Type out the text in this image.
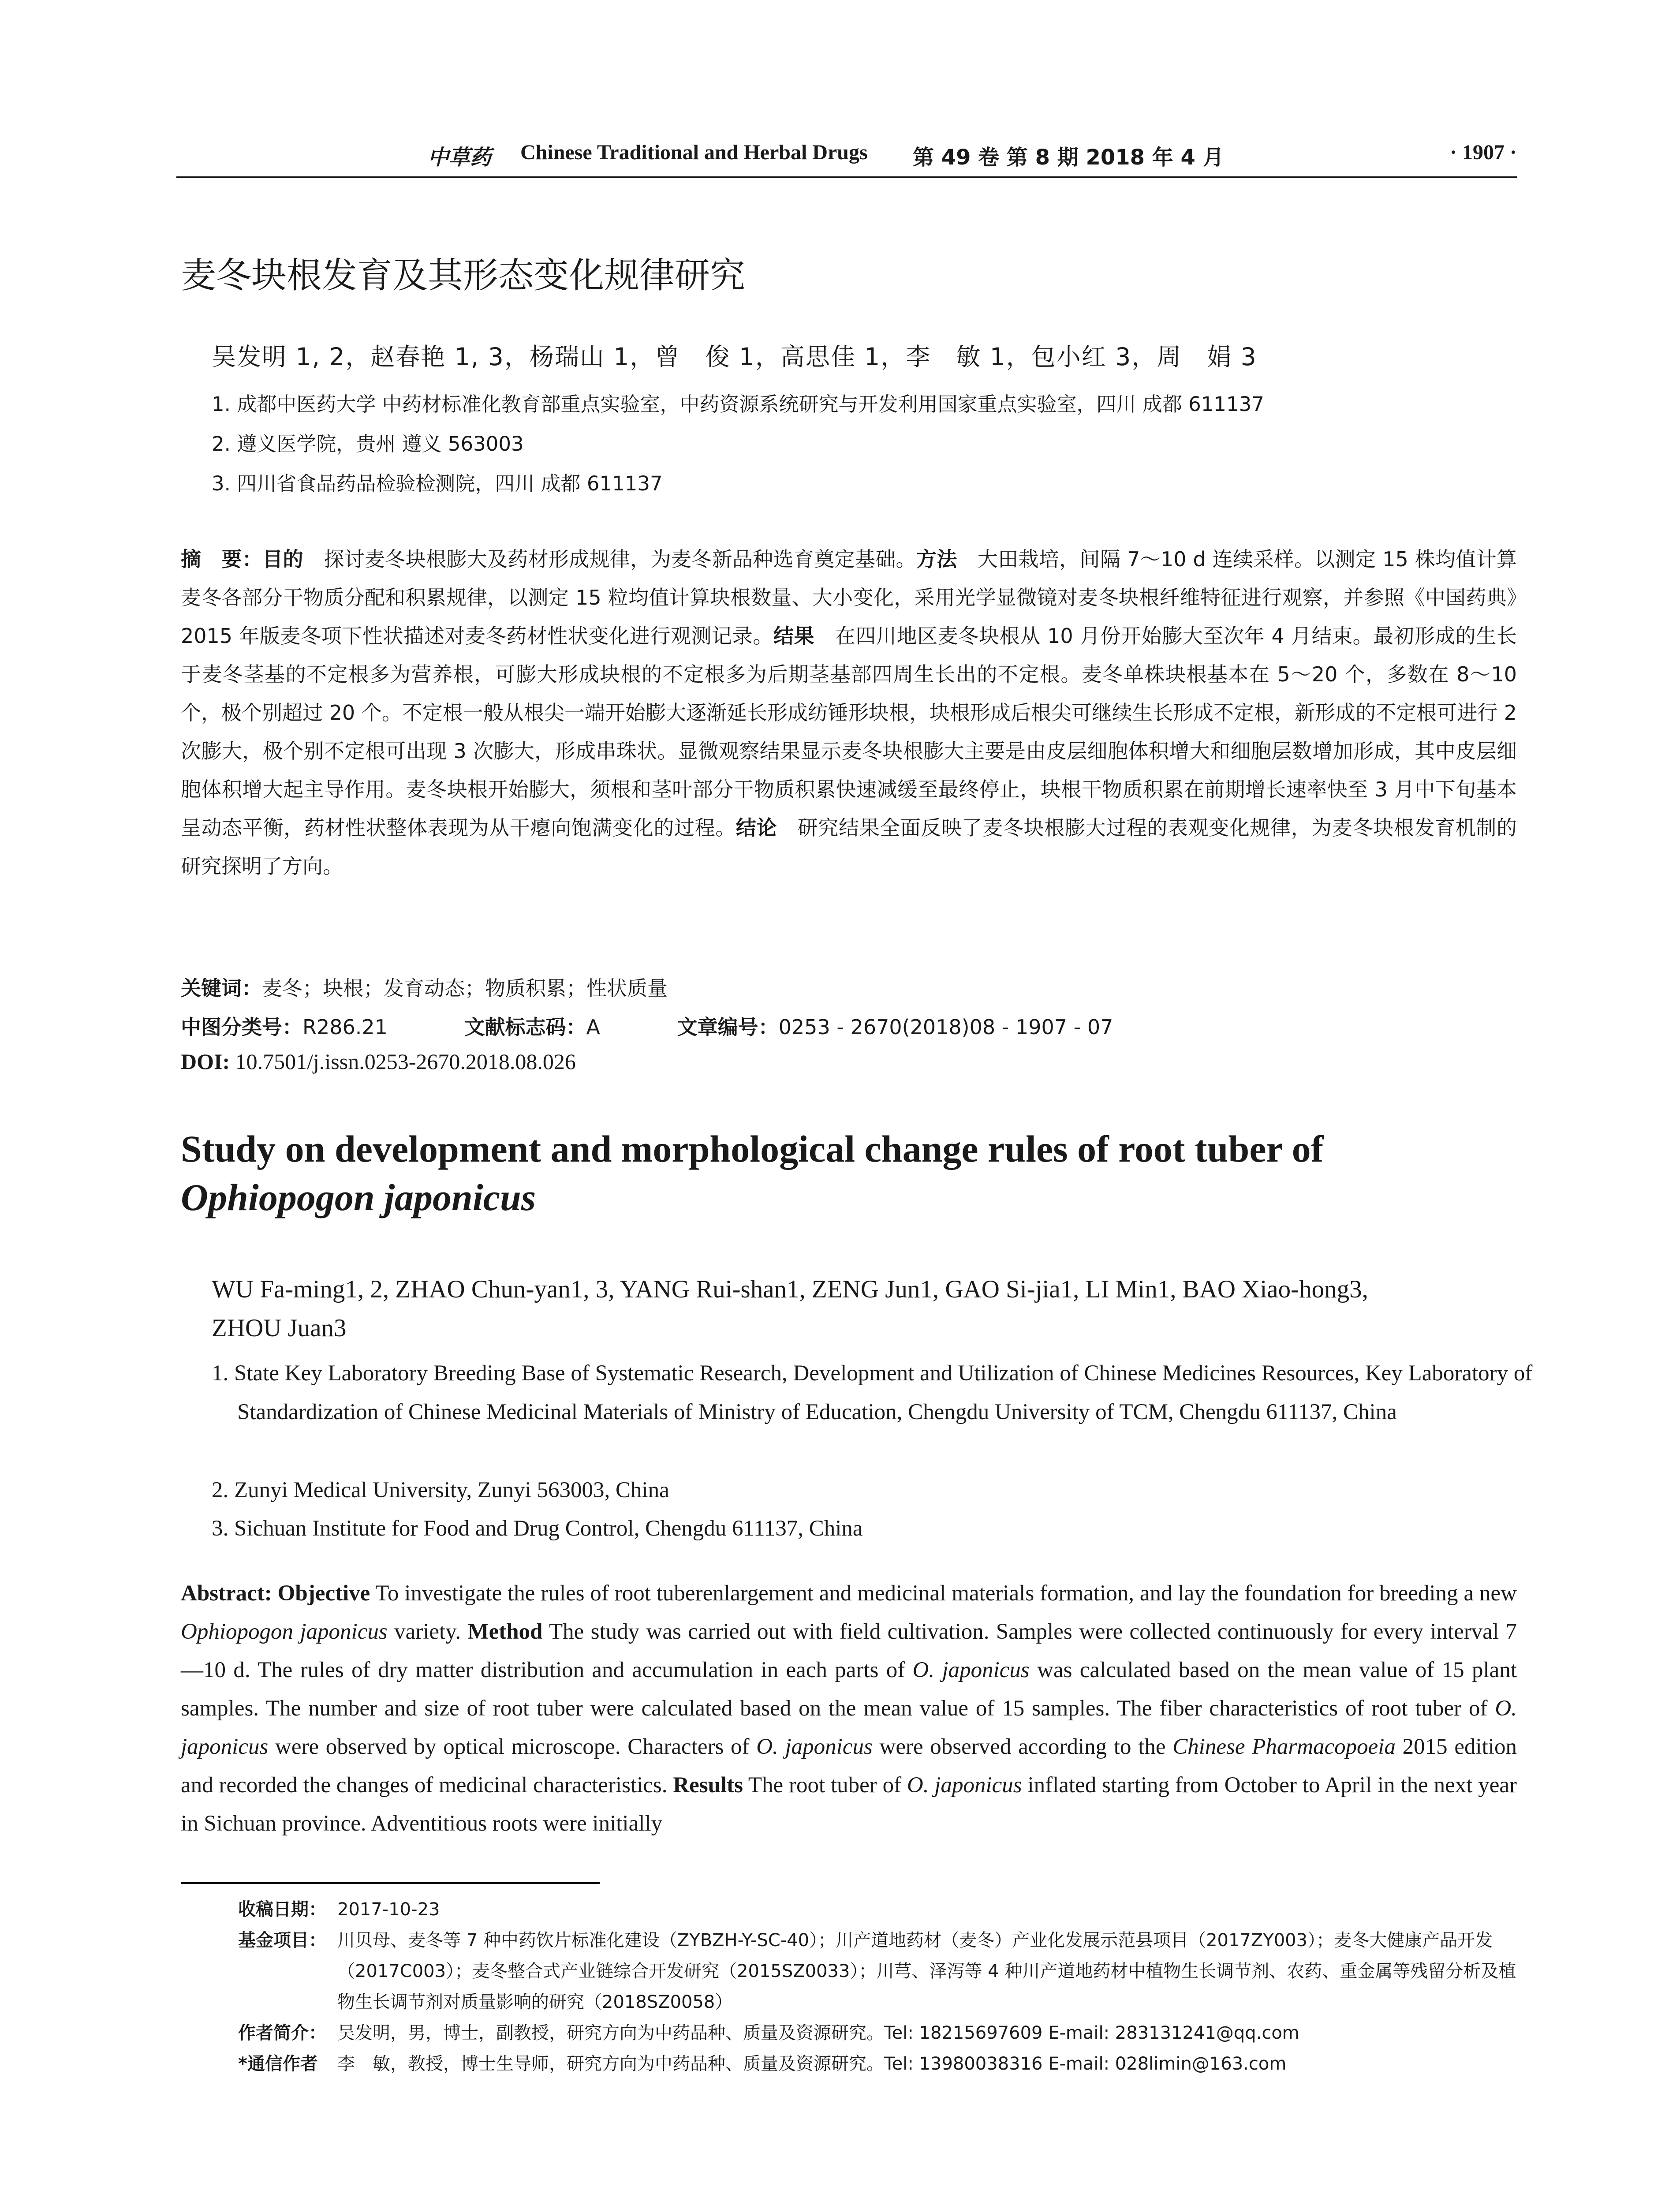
中草药 Chinese Traditional and Herbal Drugs 第 49 卷 第 8 期 2018 年 4 月	· 1907 ·
麦冬块根发育及其形态变化规律研究
吴发明 1, 2，赵春艳 1, 3，杨瑞山 1，曾　俊 1，高思佳 1，李　敏 1，包小红 3，周　娟 3
1. 成都中医药大学 中药材标准化教育部重点实验室，中药资源系统研究与开发利用国家重点实验室，四川 成都 611137
2. 遵义医学院，贵州 遵义 563003
3. 四川省食品药品检验检测院，四川 成都 611137
摘　要：目的　探讨麦冬块根膨大及药材形成规律，为麦冬新品种选育奠定基础。方法　大田栽培，间隔 7～10 d 连续采样。以测定 15 株均值计算麦冬各部分干物质分配和积累规律，以测定 15 粒均值计算块根数量、大小变化，采用光学显微镜对麦冬块根纤维特征进行观察，并参照《中国药典》2015 年版麦冬项下性状描述对麦冬药材性状变化进行观测记录。结果　在四川地区麦冬块根从 10 月份开始膨大至次年 4 月结束。最初形成的生长于麦冬茎基的不定根多为营养根，可膨大形成块根的不定根多为后期茎基部四周生长出的不定根。麦冬单株块根基本在 5～20 个，多数在 8～10 个，极个别超过 20 个。不定根一般从根尖一端开始膨大逐渐延长形成纺锤形块根，块根形成后根尖可继续生长形成不定根，新形成的不定根可进行 2 次膨大，极个别不定根可出现 3 次膨大，形成串珠状。显微观察结果显示麦冬块根膨大主要是由皮层细胞体积增大和细胞层数增加形成，其中皮层细胞体积增大起主导作用。麦冬块根开始膨大，须根和茎叶部分干物质积累快速减缓至最终停止，块根干物质积累在前期增长速率快至 3 月中下旬基本呈动态平衡，药材性状整体表现为从干瘪向饱满变化的过程。结论　研究结果全面反映了麦冬块根膨大过程的表观变化规律，为麦冬块根发育机制的研究探明了方向。
关键词：麦冬；块根；发育动态；物质积累；性状质量
中图分类号：R286.21	文献标志码：A	文章编号：0253 - 2670(2018)08 - 1907 - 07
DOI: 10.7501/j.issn.0253-2670.2018.08.026
Study on development and morphological change rules of root tuber of Ophiopogon japonicus
WU Fa-ming1, 2, ZHAO Chun-yan1, 3, YANG Rui-shan1, ZENG Jun1, GAO Si-jia1, LI Min1, BAO Xiao-hong3,
ZHOU Juan3
1. State Key Laboratory Breeding Base of Systematic Research, Development and Utilization of Chinese Medicines Resources, Key Laboratory of Standardization of Chinese Medicinal Materials of Ministry of Education, Chengdu University of TCM, Chengdu 611137, China
2. Zunyi Medical University, Zunyi 563003, China
3. Sichuan Institute for Food and Drug Control, Chengdu 611137, China
Abstract: Objective To investigate the rules of root tuberenlargement and medicinal materials formation, and lay the foundation for breeding a new Ophiopogon japonicus variety. Method The study was carried out with field cultivation. Samples were collected continuously for every interval 7—10 d. The rules of dry matter distribution and accumulation in each parts of O. japonicus was calculated based on the mean value of 15 plant samples. The number and size of root tuber were calculated based on the mean value of 15 samples. The fiber characteristics of root tuber of O. japonicus were observed by optical microscope. Characters of O. japonicus were observed according to the Chinese Pharmacopoeia 2015 edition and recorded the changes of medicinal characteristics. Results The root tuber of O. japonicus inflated starting from October to April in the next year in Sichuan province. Adventitious roots were initially
收稿日期： 2017-10-23
基金项目： 川贝母、麦冬等 7 种中药饮片标准化建设（ZYBZH-Y-SC-40）；川产道地药材（麦冬）产业化发展示范县项目（2017ZY003）；麦冬大健康产品开发（2017C003）；麦冬整合式产业链综合开发研究（2015SZ0033）；川芎、泽泻等 4 种川产道地药材中植物生长调节剂、农药、重金属等残留分析及植物生长调节剂对质量影响的研究（2018SZ0058）
作者简介： 吴发明，男，博士，副教授，研究方向为中药品种、质量及资源研究。Tel: 18215697609 E-mail: 283131241@qq.com
*通信作者 李　敏，教授，博士生导师，研究方向为中药品种、质量及资源研究。Tel: 13980038316 E-mail: 028limin@163.com
